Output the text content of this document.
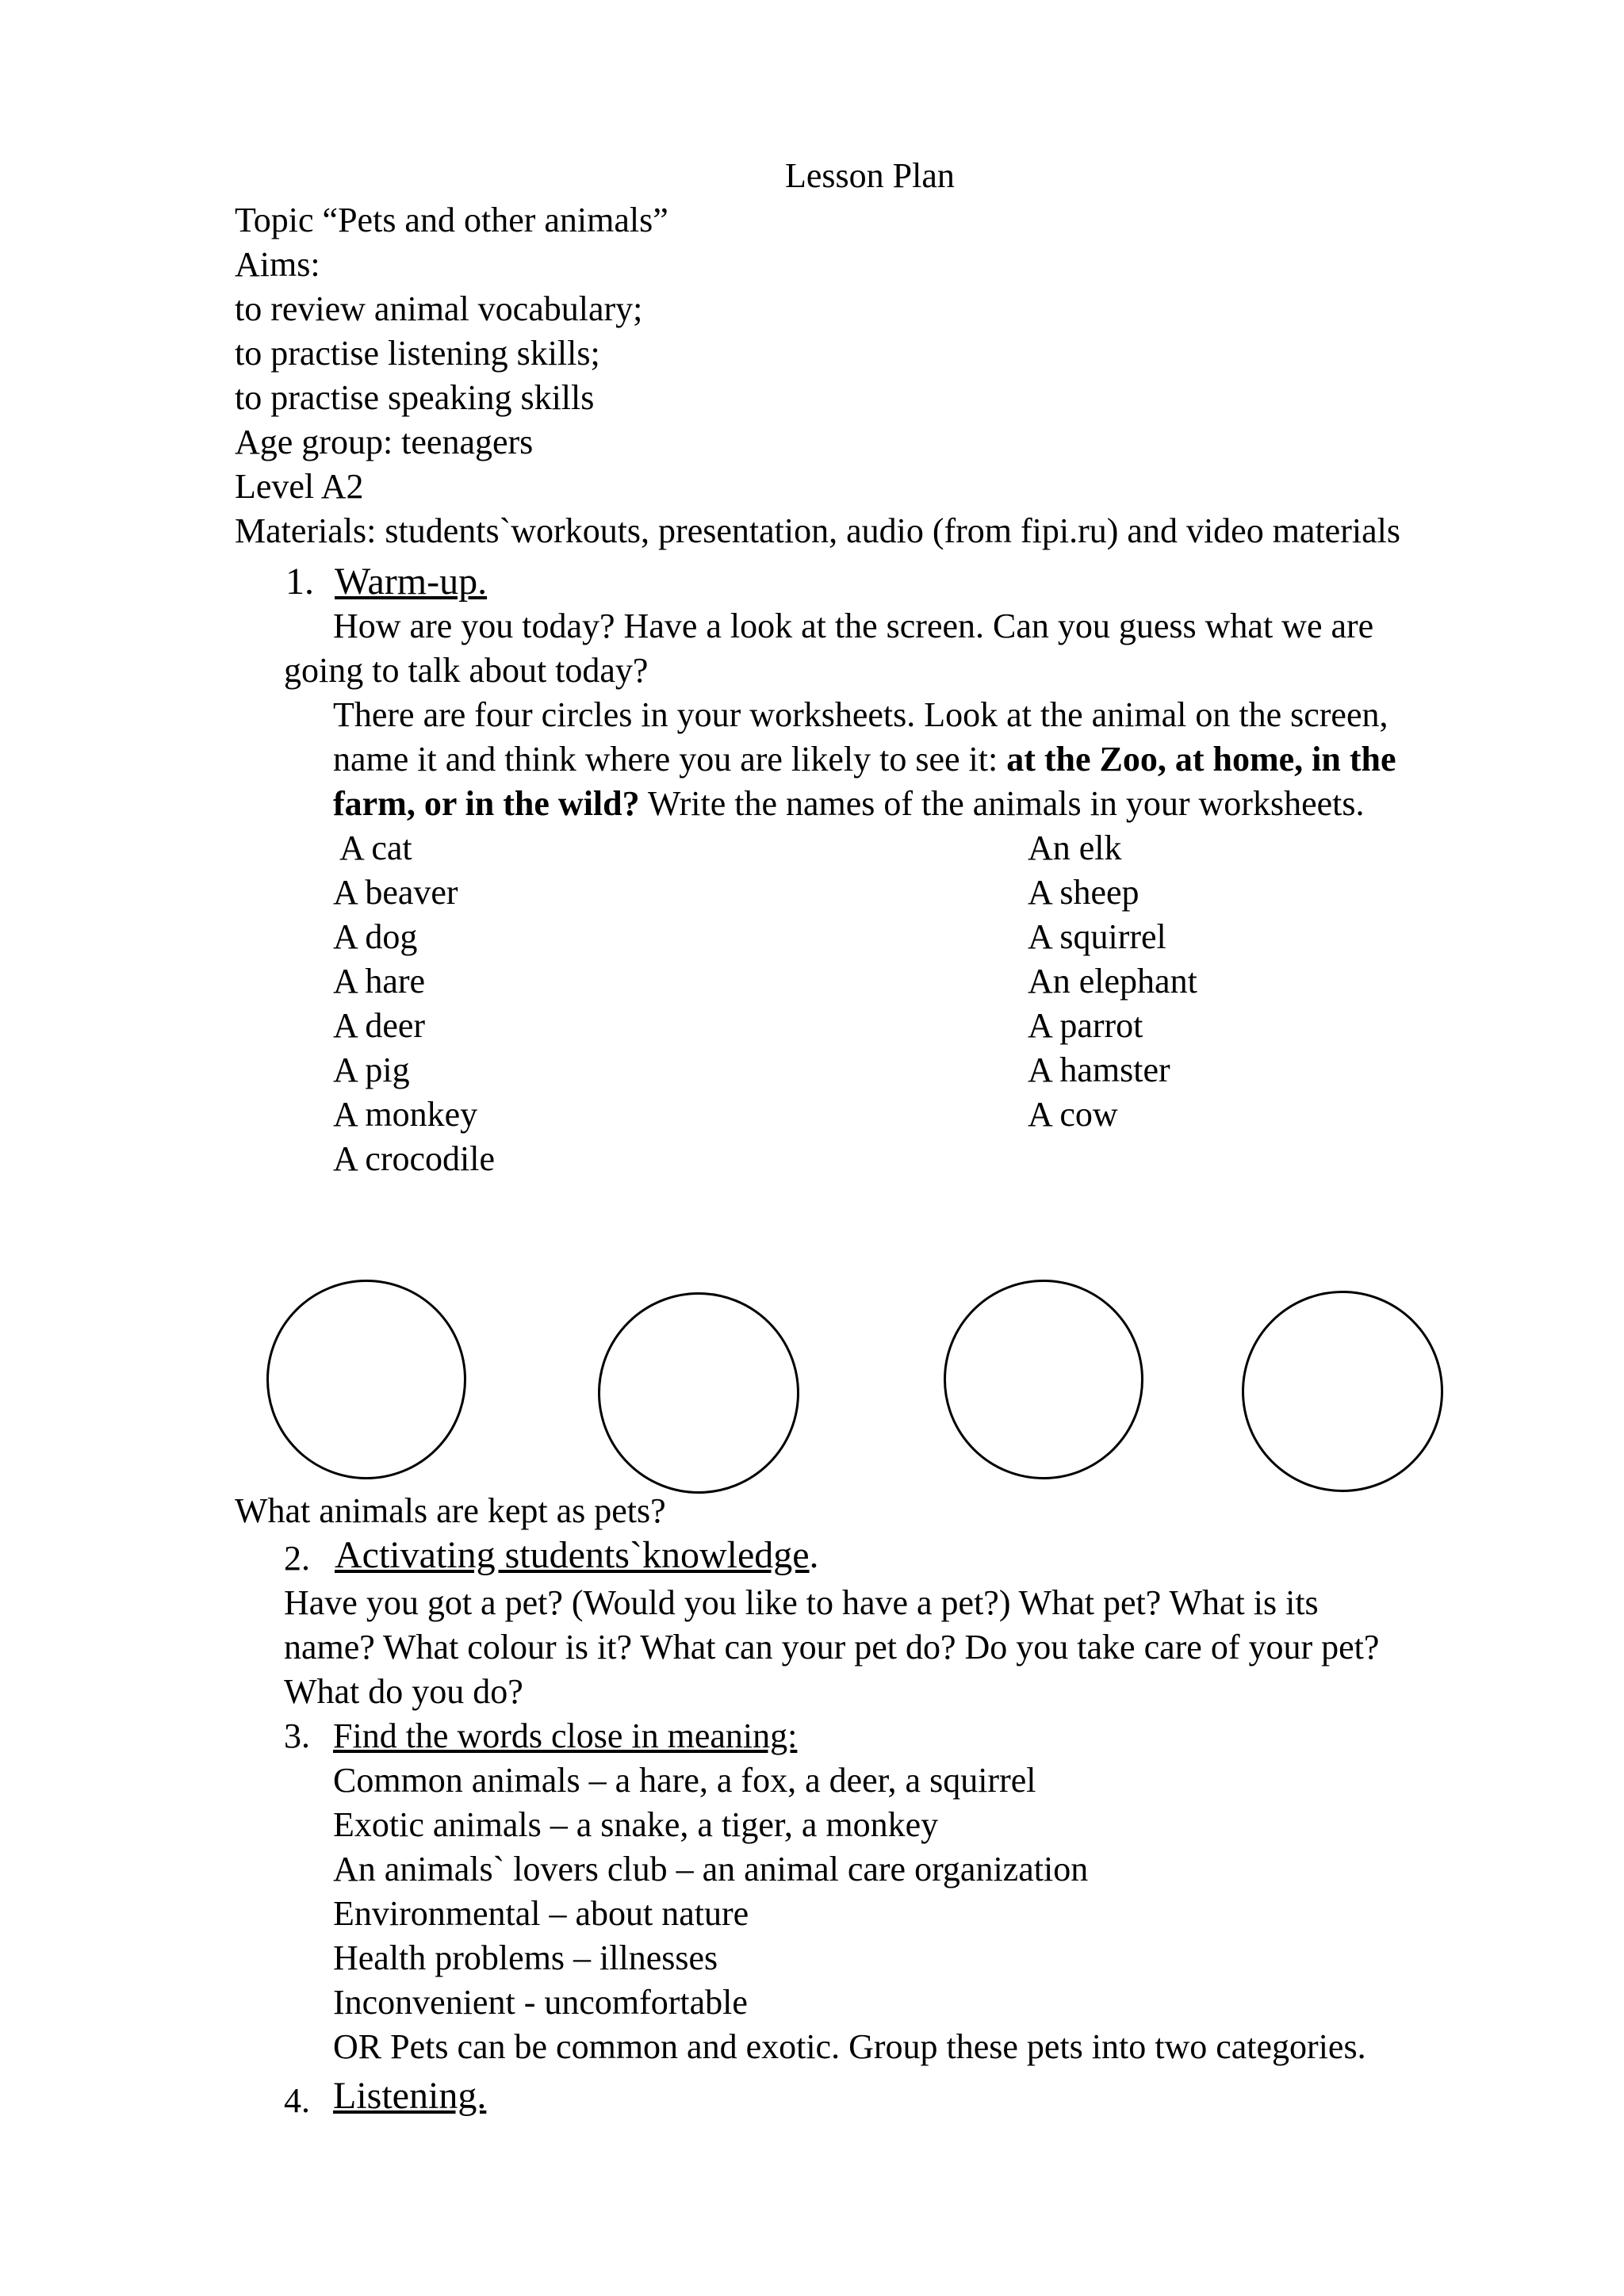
Lesson Plan
Topic “Pets and other animals”
Aims:
to review animal vocabulary;
to practise listening skills;
to practise speaking skills
Age group: teenagers
Level A2
Materials: students`workouts, presentation, audio (from fipi.ru) and video materials
1. Warm-up.
How are you today? Have a look at the screen. Can you guess what we are
going to talk about today?
There are four circles in your worksheets. Look at the animal on the screen,
name it and think where you are likely to see it: at the Zoo, at home, in the
farm, or in the wild? Write the names of the animals in your worksheets.
A cat
A beaver
A dog
A hare
A deer
A pig
A monkey
A crocodile
An elk
A sheep
A squirrel
An elephant
A parrot
A hamster
A cow
What animals are kept as pets?
2. Activating students`knowledge.
Have you got a pet? (Would you like to have a pet?) What pet? What is its
name? What colour is it? What can your pet do? Do you take care of your pet?
What do you do?
3. Find the words close in meaning:
Common animals – a hare, a fox, a deer, a squirrel
Exotic animals – a snake, a tiger, a monkey
An animals` lovers club – an animal care organization
Environmental – about nature
Health problems – illnesses
Inconvenient - uncomfortable
OR Pets can be common and exotic. Group these pets into two categories.
4. Listening.
